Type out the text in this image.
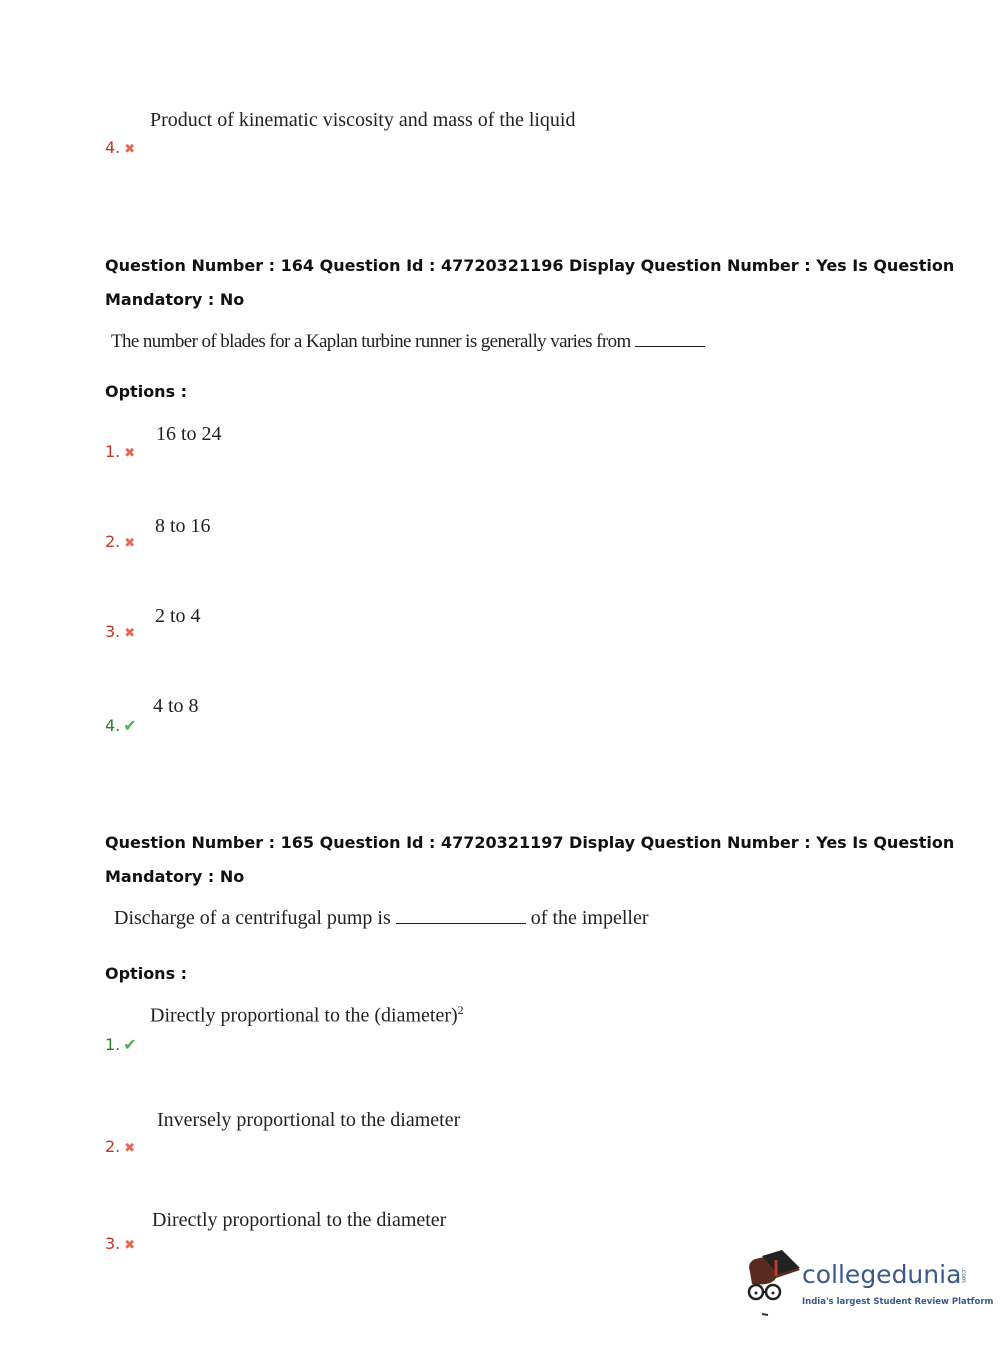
Product of kinematic viscosity and mass of the liquid
4. ✖
Question Number : 164 Question Id : 47720321196 Display Question Number : Yes Is Question
Mandatory : No
The number of blades for a Kaplan turbine runner is generally varies from
Options :
16 to 24
1. ✖
8 to 16
2. ✖
2 to 4
3. ✖
4 to 8
4. ✔
Question Number : 165 Question Id : 47720321197 Display Question Number : Yes Is Question
Mandatory : No
Discharge of a centrifugal pump is	of the impeller
Options :
Directly proportional to the (diameter)$^2$
1. ✔
Inversely proportional to the diameter
2. ✖
Directly proportional to the diameter
3. ✖
collegedunia
.com
India's largest Student Review Platform
